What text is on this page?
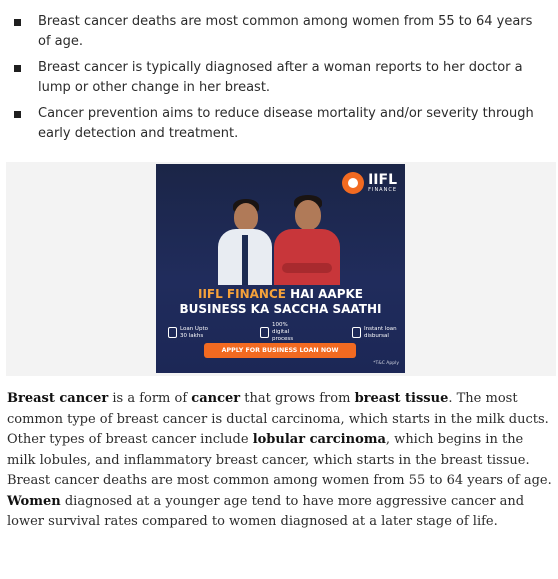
Breast cancer deaths are most common among women from 55 to 64 years of age.
Breast cancer is typically diagnosed after a woman reports to her doctor a lump or other change in her breast.
Cancer prevention aims to reduce disease mortality and/or severity through early detection and treatment.
IIFL
FINANCE
IIFL FINANCE HAI AAPKE
BUSINESS KA SACCHA SAATHI
Loan Upto 30 lakhs
100% digital process
Instant loan disbursal
APPLY FOR BUSINESS LOAN NOW
*T&C Apply

Breast cancer is a form of cancer that grows from breast tissue. The most common type of breast cancer is ductal carcinoma, which starts in the milk ducts. Other types of breast cancer include lobular carcinoma, which begins in the milk lobules, and inflammatory breast cancer, which starts in the breast tissue. Breast cancer deaths are most common among women from 55 to 64 years of age. Women diagnosed at a younger age tend to have more aggressive cancer and lower survival rates compared to women diagnosed at a later stage of life.
